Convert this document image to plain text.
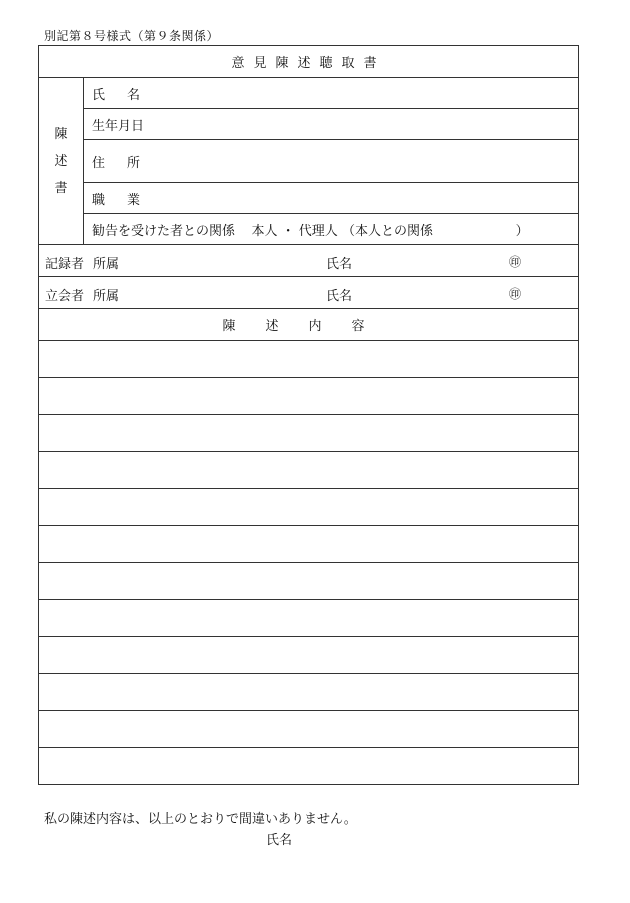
別記第８号様式（第９条関係）
意見陳述聴取書

陳
述
書
	氏名
生年月日
住所
職業
勧告を受けた者との関係 本人 ・ 代理人 （本人との関係	）

記録者 所属	氏名	㊞

立会者 所属	氏名	㊞

陳述内容

私の陳述内容は、以上のとおりで間違いありません。
氏名
